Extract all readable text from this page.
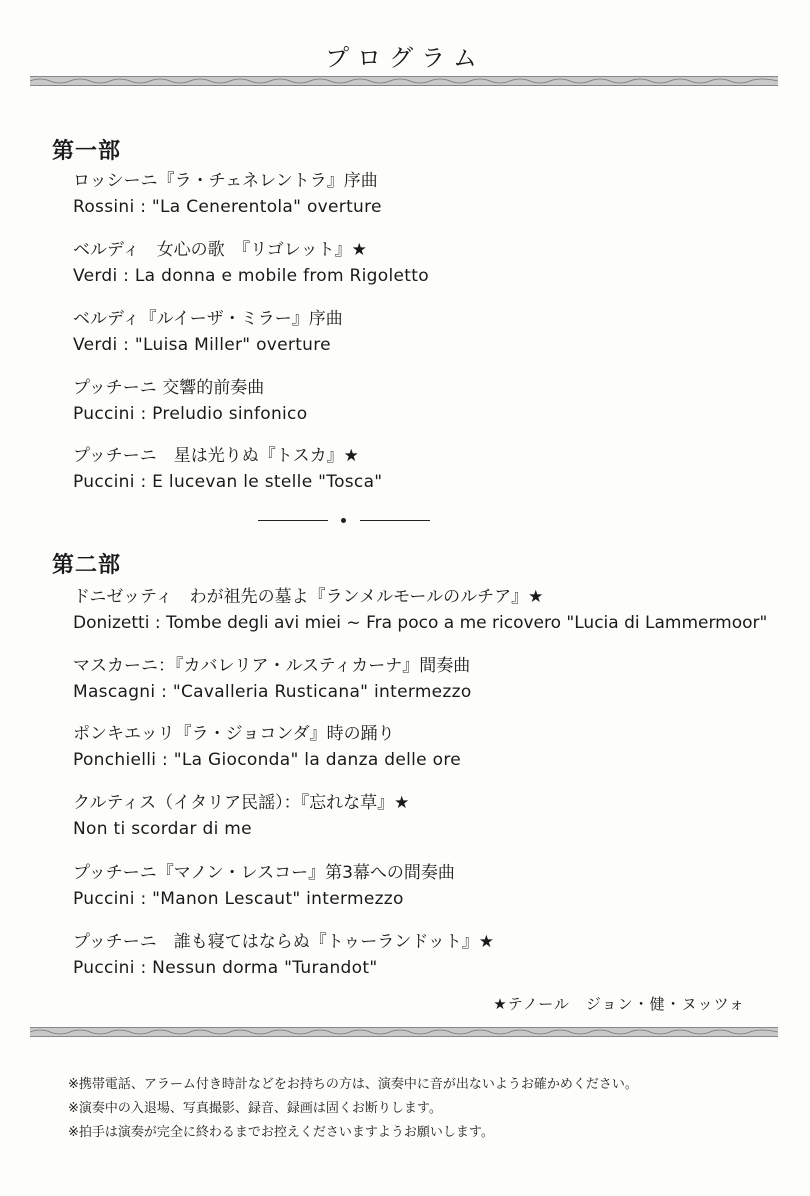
プログラム
第一部
ロッシーニ『ラ・チェネレントラ』序曲
Rossini : "La Cenerentola" overture
ベルディ　女心の歌　『リゴレット』★
Verdi : La donna e mobile from Rigoletto
ベルディ『ルイーザ・ミラー』序曲
Verdi : "Luisa Miller" overture
プッチーニ 交響的前奏曲
Puccini : Preludio sinfonico
プッチーニ　星は光りぬ『トスカ』★
Puccini : E lucevan le stelle "Tosca"
第二部
ドニゼッティ　わが祖先の墓よ『ランメルモールのルチア』★
Donizetti : Tombe degli avi miei ~ Fra poco a me ricovero "Lucia di Lammermoor"
マスカーニ：『カバレリア・ルスティカーナ』間奏曲
Mascagni : "Cavalleria Rusticana" intermezzo
ポンキエッリ『ラ・ジョコンダ』時の踊り
Ponchielli : "La Gioconda" la danza delle ore
クルティス（イタリア民謡）：『忘れな草』★
Non ti scordar di me
プッチーニ『マノン・レスコー』第3幕への間奏曲
Puccini : "Manon Lescaut" intermezzo
プッチーニ　誰も寝てはならぬ『トゥーランドット』★
Puccini : Nessun dorma "Turandot"
★テノール　ジョン・健・ヌッツォ
※携帯電話、アラーム付き時計などをお持ちの方は、演奏中に音が出ないようお確かめください。
※演奏中の入退場、写真撮影、録音、録画は固くお断りします。
※拍手は演奏が完全に終わるまでお控えくださいますようお願いします。
